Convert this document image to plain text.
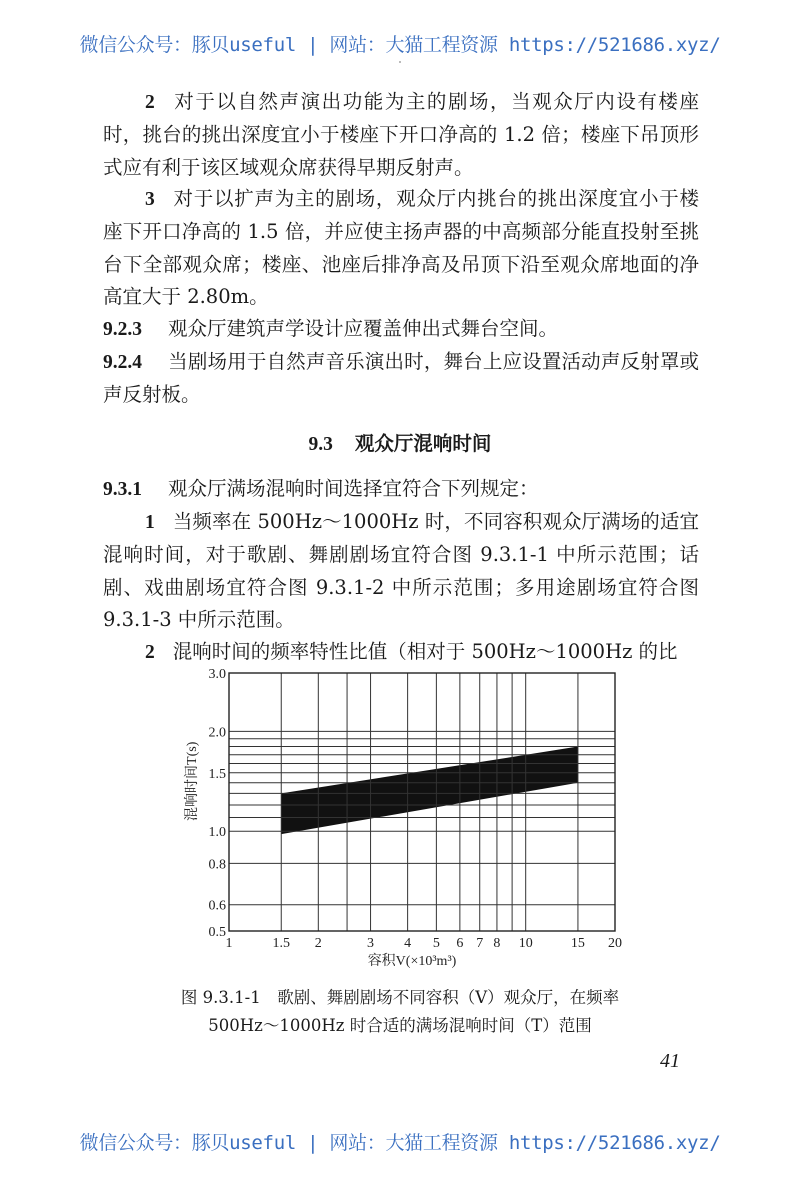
微信公众号：豚贝useful | 网站：大猫工程资源 https://521686.xyz/
2 对于以自然声演出功能为主的剧场，当观众厅内设有楼座时，挑台的挑出深度宜小于楼座下开口净高的 1.2 倍；楼座下吊顶形式应有利于该区域观众席获得早期反射声。
3 对于以扩声为主的剧场，观众厅内挑台的挑出深度宜小于楼座下开口净高的 1.5 倍，并应使主扬声器的中高频部分能直投射至挑台下全部观众席；楼座、池座后排净高及吊顶下沿至观众席地面的净高宜大于 2.80m。
9.2.3 观众厅建筑声学设计应覆盖伸出式舞台空间。
9.2.4 当剧场用于自然声音乐演出时，舞台上应设置活动声反射罩或声反射板。
9.3 观众厅混响时间
9.3.1 观众厅满场混响时间选择宜符合下列规定：
1 当频率在 500Hz～1000Hz 时，不同容积观众厅满场的适宜混响时间，对于歌剧、舞剧剧场宜符合图 9.3.1-1 中所示范围；话剧、戏曲剧场宜符合图 9.3.1-2 中所示范围；多用途剧场宜符合图 9.3.1-3 中所示范围。
2 混响时间的频率特性比值（相对于 500Hz～1000Hz 的比
1	1.5 2	3 4 5 6 7 8 10	15 20
0.5
0.6
0.8
1.0
1.5
2.0
3.0
容积V(×10³m³)
混响时间T(s)
图 9.3.1-1　歌剧、舞剧剧场不同容积（V）观众厅，在频率
500Hz～1000Hz 时合适的满场混响时间（T）范围
41
微信公众号：豚贝useful | 网站：大猫工程资源 https://521686.xyz/
